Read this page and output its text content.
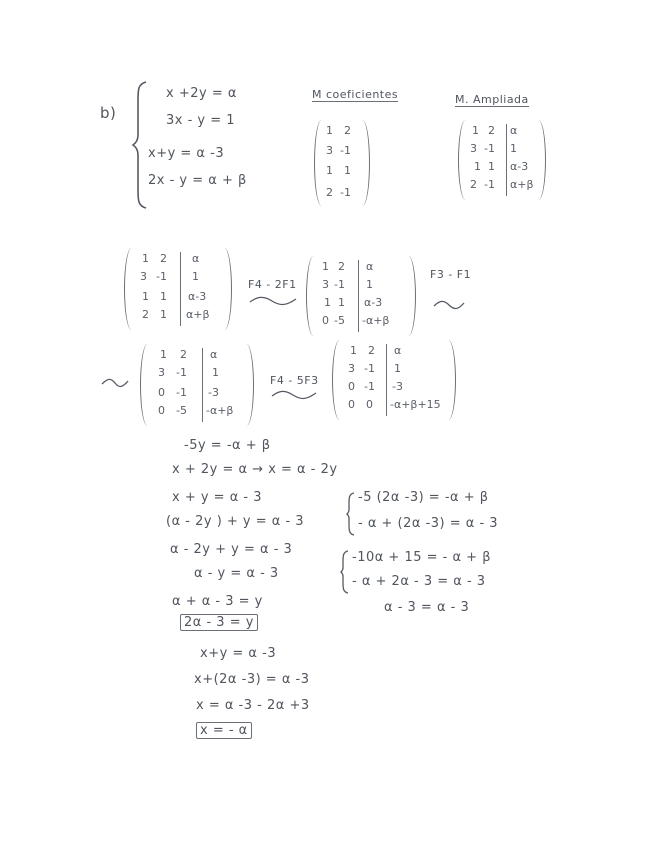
b)
x +2y = α
3x - y = 1
x+y = α -3
2x - y = α + β
M coeficientes	M. Ampliada
1 2
3 -1
1 1
2 -1
1 2 α
3 -1 1
1 1 α-3
2 -1 α+β
1 2 α
3 -1 1
1 1 α-3
2 1 α+β
F4 - 2F1
1 2 α
3 -1 1
1 1 α-3
0 -5 -α+β
F3 - F1
1 2 α
3 -1 1
0 -1 -3
0 -5 -α+β
F4 - 5F3
1 2 α
3 -1 1
0 -1 -3
0 0 -α+β+15
-5y = -α + β
x + 2y = α → x = α - 2y
x + y = α - 3
(α - 2y ) + y = α - 3
α - 2y + y = α - 3
α - y = α - 3
α + α - 3 = y
2α - 3 = y
x+y = α -3
x+(2α -3) = α -3
x = α -3 - 2α +3
x = - α
-5 (2α -3) = -α + β
- α + (2α -3) = α - 3
-10α + 15 = - α + β
- α + 2α - 3 = α - 3
α - 3 = α - 3
